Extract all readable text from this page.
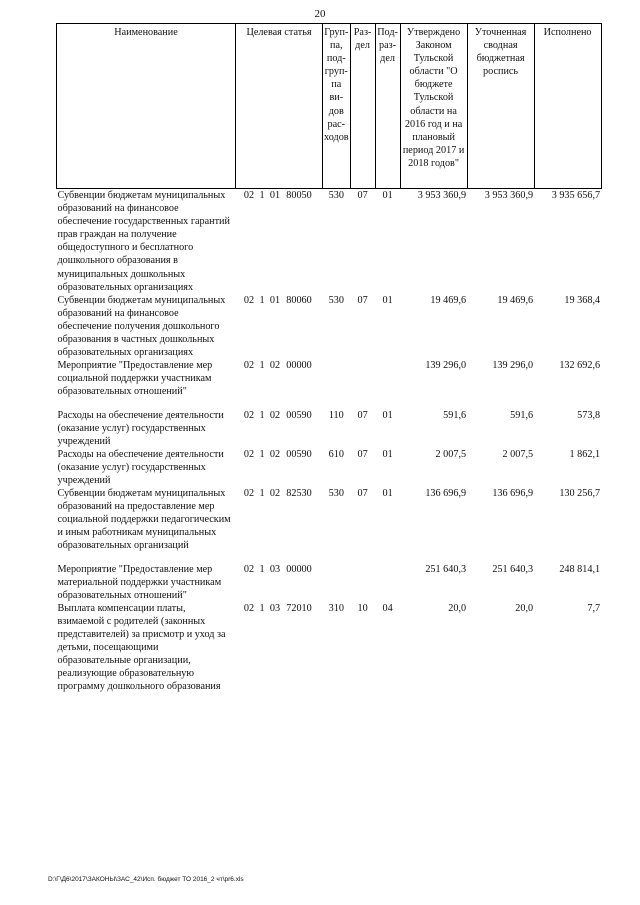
20
Наименование	Целевая статья	Груп-па, под-груп-па ви-дов рас-ходов	Раз-дел	Под-раз-дел	Утверждено Законом Тульской области "О бюджете Тульской области на 2016 год и на плановый период 2017 и 2018 годов"	Уточненная сводная бюджетная роспись	Исполнено
Субвенции бюджетам муниципальных образований на финансовое обеспечение государственных гарантий прав граждан на получение общедоступного и бесплатного дошкольного образования в муниципальных дошкольных образовательных организациях	02 1 01 80050	530	07	01	3 953 360,9	3 953 360,9	3 935 656,7
Субвенции бюджетам муниципальных образований на финансовое обеспечение получения дошкольного образования в частных дошкольных образовательных организациях	02 1 01 80060	530	07	01	19 469,6	19 469,6	19 368,4
Мероприятие "Предоставление мер социальной поддержки участникам образовательных отношений"	02 1 02 00000				139 296,0	139 296,0	132 692,6

Расходы на обеспечение деятельности (оказание услуг) государственных учреждений	02 1 02 00590	110	07	01	591,6	591,6	573,8
Расходы на обеспечение деятельности (оказание услуг) государственных учреждений	02 1 02 00590	610	07	01	2 007,5	2 007,5	1 862,1
Субвенции бюджетам муниципальных образований на предоставление мер социальной поддержки педагогическим и иным работникам муниципальных образовательных организаций	02 1 02 82530	530	07	01	136 696,9	136 696,9	130 256,7

Мероприятие "Предоставление мер материальной поддержки участникам образовательных отношений"	02 1 03 00000				251 640,3	251 640,3	248 814,1
Выплата компенсации платы, взимаемой с родителей (законных представителей) за присмотр и уход за детьми, посещающими образовательные организации, реализующие образовательную программу дошкольного образования	02 1 03 72010	310	10	04	20,0	20,0	7,7
D:\Г\Д6\2017\ЗАКОНЫ\ЗАС_42\Исп. бюджет ТО 2016_2 чт\pr6.xls
